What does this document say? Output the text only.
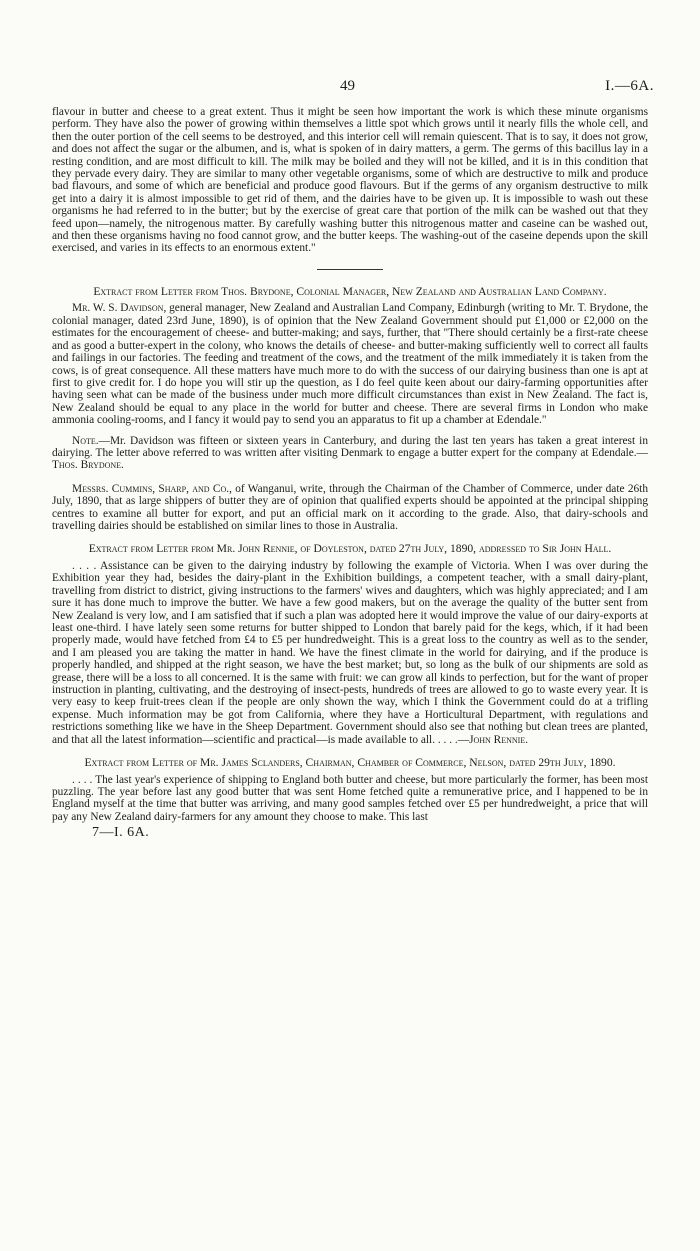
49	I.—6A.

flavour in butter and cheese to a great extent. Thus it might be seen how important the work is which these minute organisms perform. They have also the power of growing within themselves a little spot which grows until it nearly fills the whole cell, and then the outer portion of the cell seems to be destroyed, and this interior cell will remain quiescent. That is to say, it does not grow, and does not affect the sugar or the albumen, and is, what is spoken of in dairy matters, a germ. The germs of this bacillus lay in a resting condition, and are most difficult to kill. The milk may be boiled and they will not be killed, and it is in this condition that they pervade every dairy. They are similar to many other vegetable organisms, some of which are destructive to milk and produce bad flavours, and some of which are beneficial and produce good flavours. But if the germs of any organism destructive to milk get into a dairy it is almost impossible to get rid of them, and the dairies have to be given up. It is impossible to wash out these organisms he had referred to in the butter; but by the exercise of great care that portion of the milk can be washed out that they feed upon—namely, the nitrogenous matter. By carefully washing butter this nitrogenous matter and caseine can be washed out, and then these organisms having no food cannot grow, and the butter keeps. The washing-out of the caseine depends upon the skill exercised, and varies in its effects to an enormous extent."

Extract from Letter from Thos. Brydone, Colonial Manager, New Zealand and Australian Land Company.

Mr. W. S. Davidson, general manager, New Zealand and Australian Land Company, Edinburgh (writing to Mr. T. Brydone, the colonial manager, dated 23rd June, 1890), is of opinion that the New Zealand Government should put £1,000 or £2,000 on the estimates for the encouragement of cheese- and butter-making; and says, further, that "There should certainly be a first-rate cheese and as good a butter-expert in the colony, who knows the details of cheese- and butter-making sufficiently well to correct all faults and failings in our factories. The feeding and treatment of the cows, and the treatment of the milk immediately it is taken from the cows, is of great consequence. All these matters have much more to do with the success of our dairying business than one is apt at first to give credit for. I do hope you will stir up the question, as I do feel quite keen about our dairy-farming opportunities after having seen what can be made of the business under much more difficult circumstances than exist in New Zealand. The fact is, New Zealand should be equal to any place in the world for butter and cheese. There are several firms in London who make ammonia cooling-rooms, and I fancy it would pay to send you an apparatus to fit up a chamber at Edendale."

Note.—Mr. Davidson was fifteen or sixteen years in Canterbury, and during the last ten years has taken a great interest in dairying. The letter above referred to was written after visiting Denmark to engage a butter expert for the company at Edendale.—Thos. Brydone.

Messrs. Cummins, Sharp, and Co., of Wanganui, write, through the Chairman of the Chamber of Commerce, under date 26th July, 1890, that as large shippers of butter they are of opinion that qualified experts should be appointed at the principal shipping centres to examine all butter for export, and put an official mark on it according to the grade. Also, that dairy-schools and travelling dairies should be established on similar lines to those in Australia.

Extract from Letter from Mr. John Rennie, of Doyleston, dated 27th July, 1890, addressed to Sir John Hall.

. . . . Assistance can be given to the dairying industry by following the example of Victoria. When I was over during the Exhibition year they had, besides the dairy-plant in the Exhibition buildings, a competent teacher, with a small dairy-plant, travelling from district to district, giving instructions to the farmers' wives and daughters, which was highly appreciated; and I am sure it has done much to improve the butter. We have a few good makers, but on the average the quality of the butter sent from New Zealand is very low, and I am satisfied that if such a plan was adopted here it would improve the value of our dairy-exports at least one-third. I have lately seen some returns for butter shipped to London that barely paid for the kegs, which, if it had been properly made, would have fetched from £4 to £5 per hundredweight. This is a great loss to the country as well as to the sender, and I am pleased you are taking the matter in hand. We have the finest climate in the world for dairying, and if the produce is properly handled, and shipped at the right season, we have the best market; but, so long as the bulk of our shipments are sold as grease, there will be a loss to all concerned. It is the same with fruit: we can grow all kinds to perfection, but for the want of proper instruction in planting, cultivating, and the destroying of insect-pests, hundreds of trees are allowed to go to waste every year. It is very easy to keep fruit-trees clean if the people are only shown the way, which I think the Government could do at a trifling expense. Much information may be got from California, where they have a Horticultural Department, with regulations and restrictions something like we have in the Sheep Department. Government should also see that nothing but clean trees are planted, and that all the latest information—scientific and practical—is made available to all. . . . .—John Rennie.

Extract from Letter of Mr. James Sclanders, Chairman, Chamber of Commerce, Nelson, dated 29th July, 1890.

. . . . The last year's experience of shipping to England both butter and cheese, but more particularly the former, has been most puzzling. The year before last any good butter that was sent Home fetched quite a remunerative price, and I happened to be in England myself at the time that butter was arriving, and many good samples fetched over £5 per hundredweight, a price that will pay any New Zealand dairy-farmers for any amount they choose to make. This last

7—I. 6A.
